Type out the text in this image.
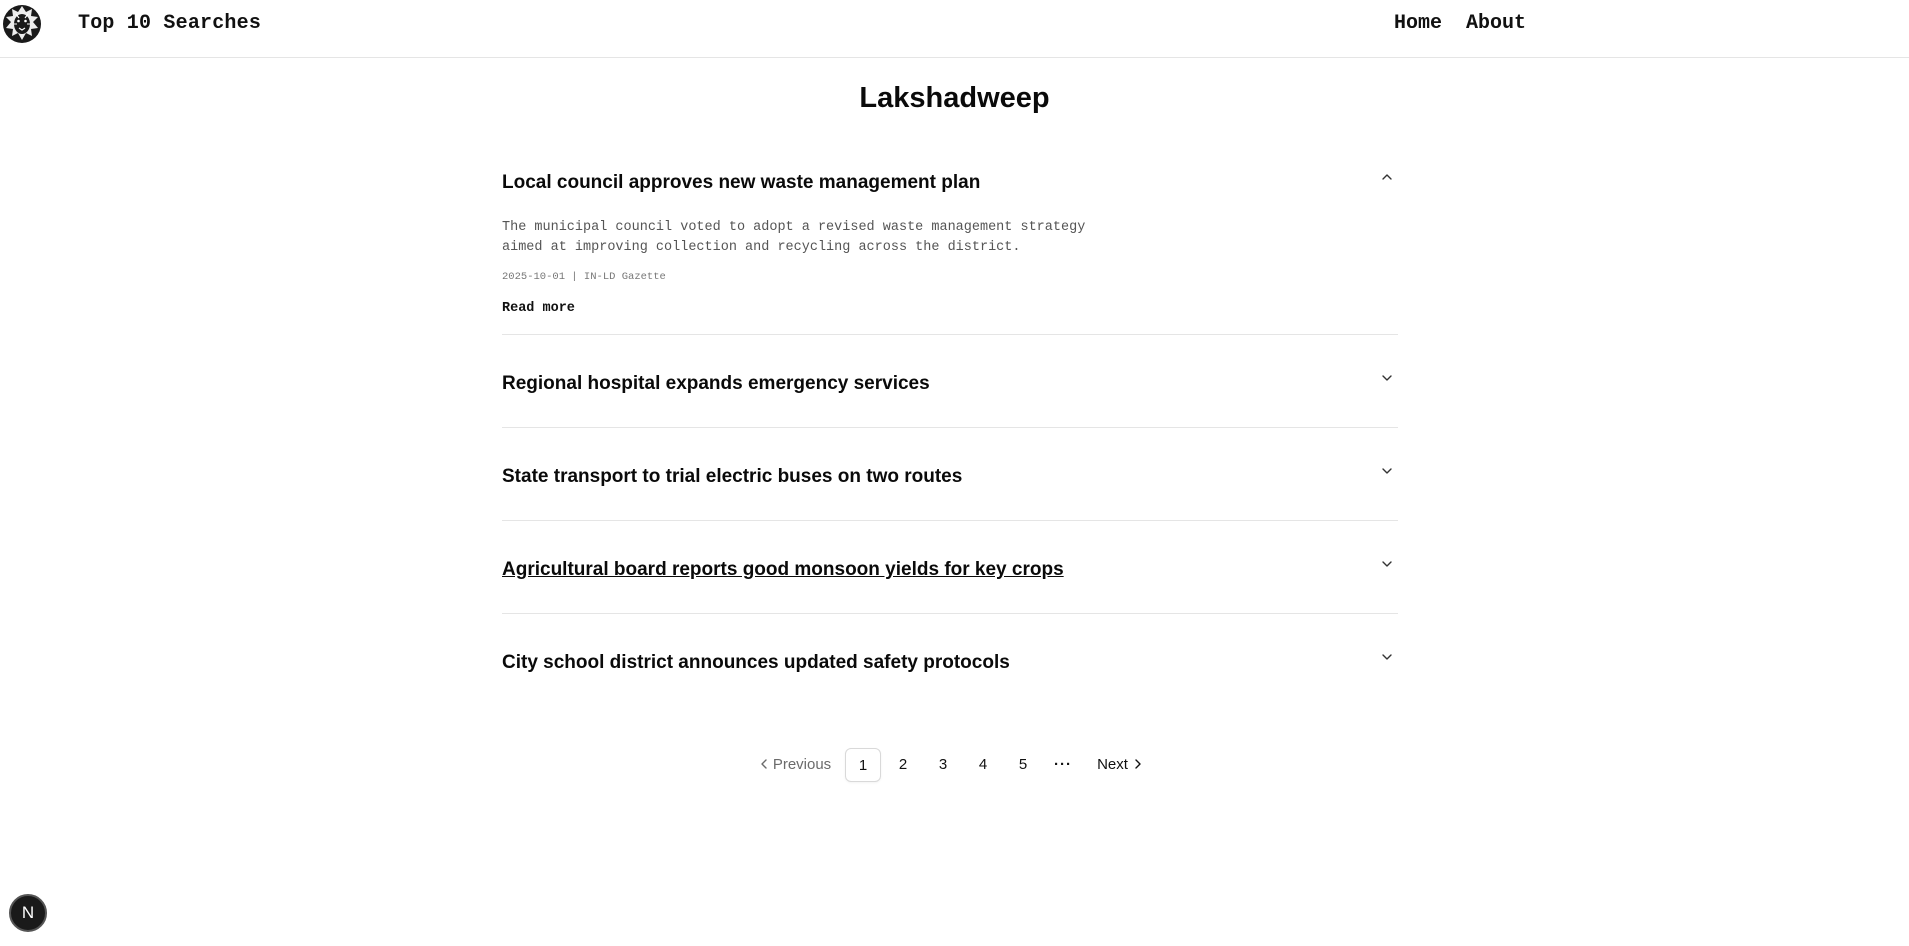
Top 10 Searches	Home About
Lakshadweep
Local council approves new waste management plan

The municipal council voted to adopt a revised waste management strategy aimed at improving collection and recycling across the district.

2025-10-01 | IN-LD Gazette

Read more
Regional hospital expands emergency services
State transport to trial electric buses on two routes
Agricultural board reports good monsoon yields for key crops
City school district announces updated safety protocols
Previous	1	2	3	4	5	···	Next
N
